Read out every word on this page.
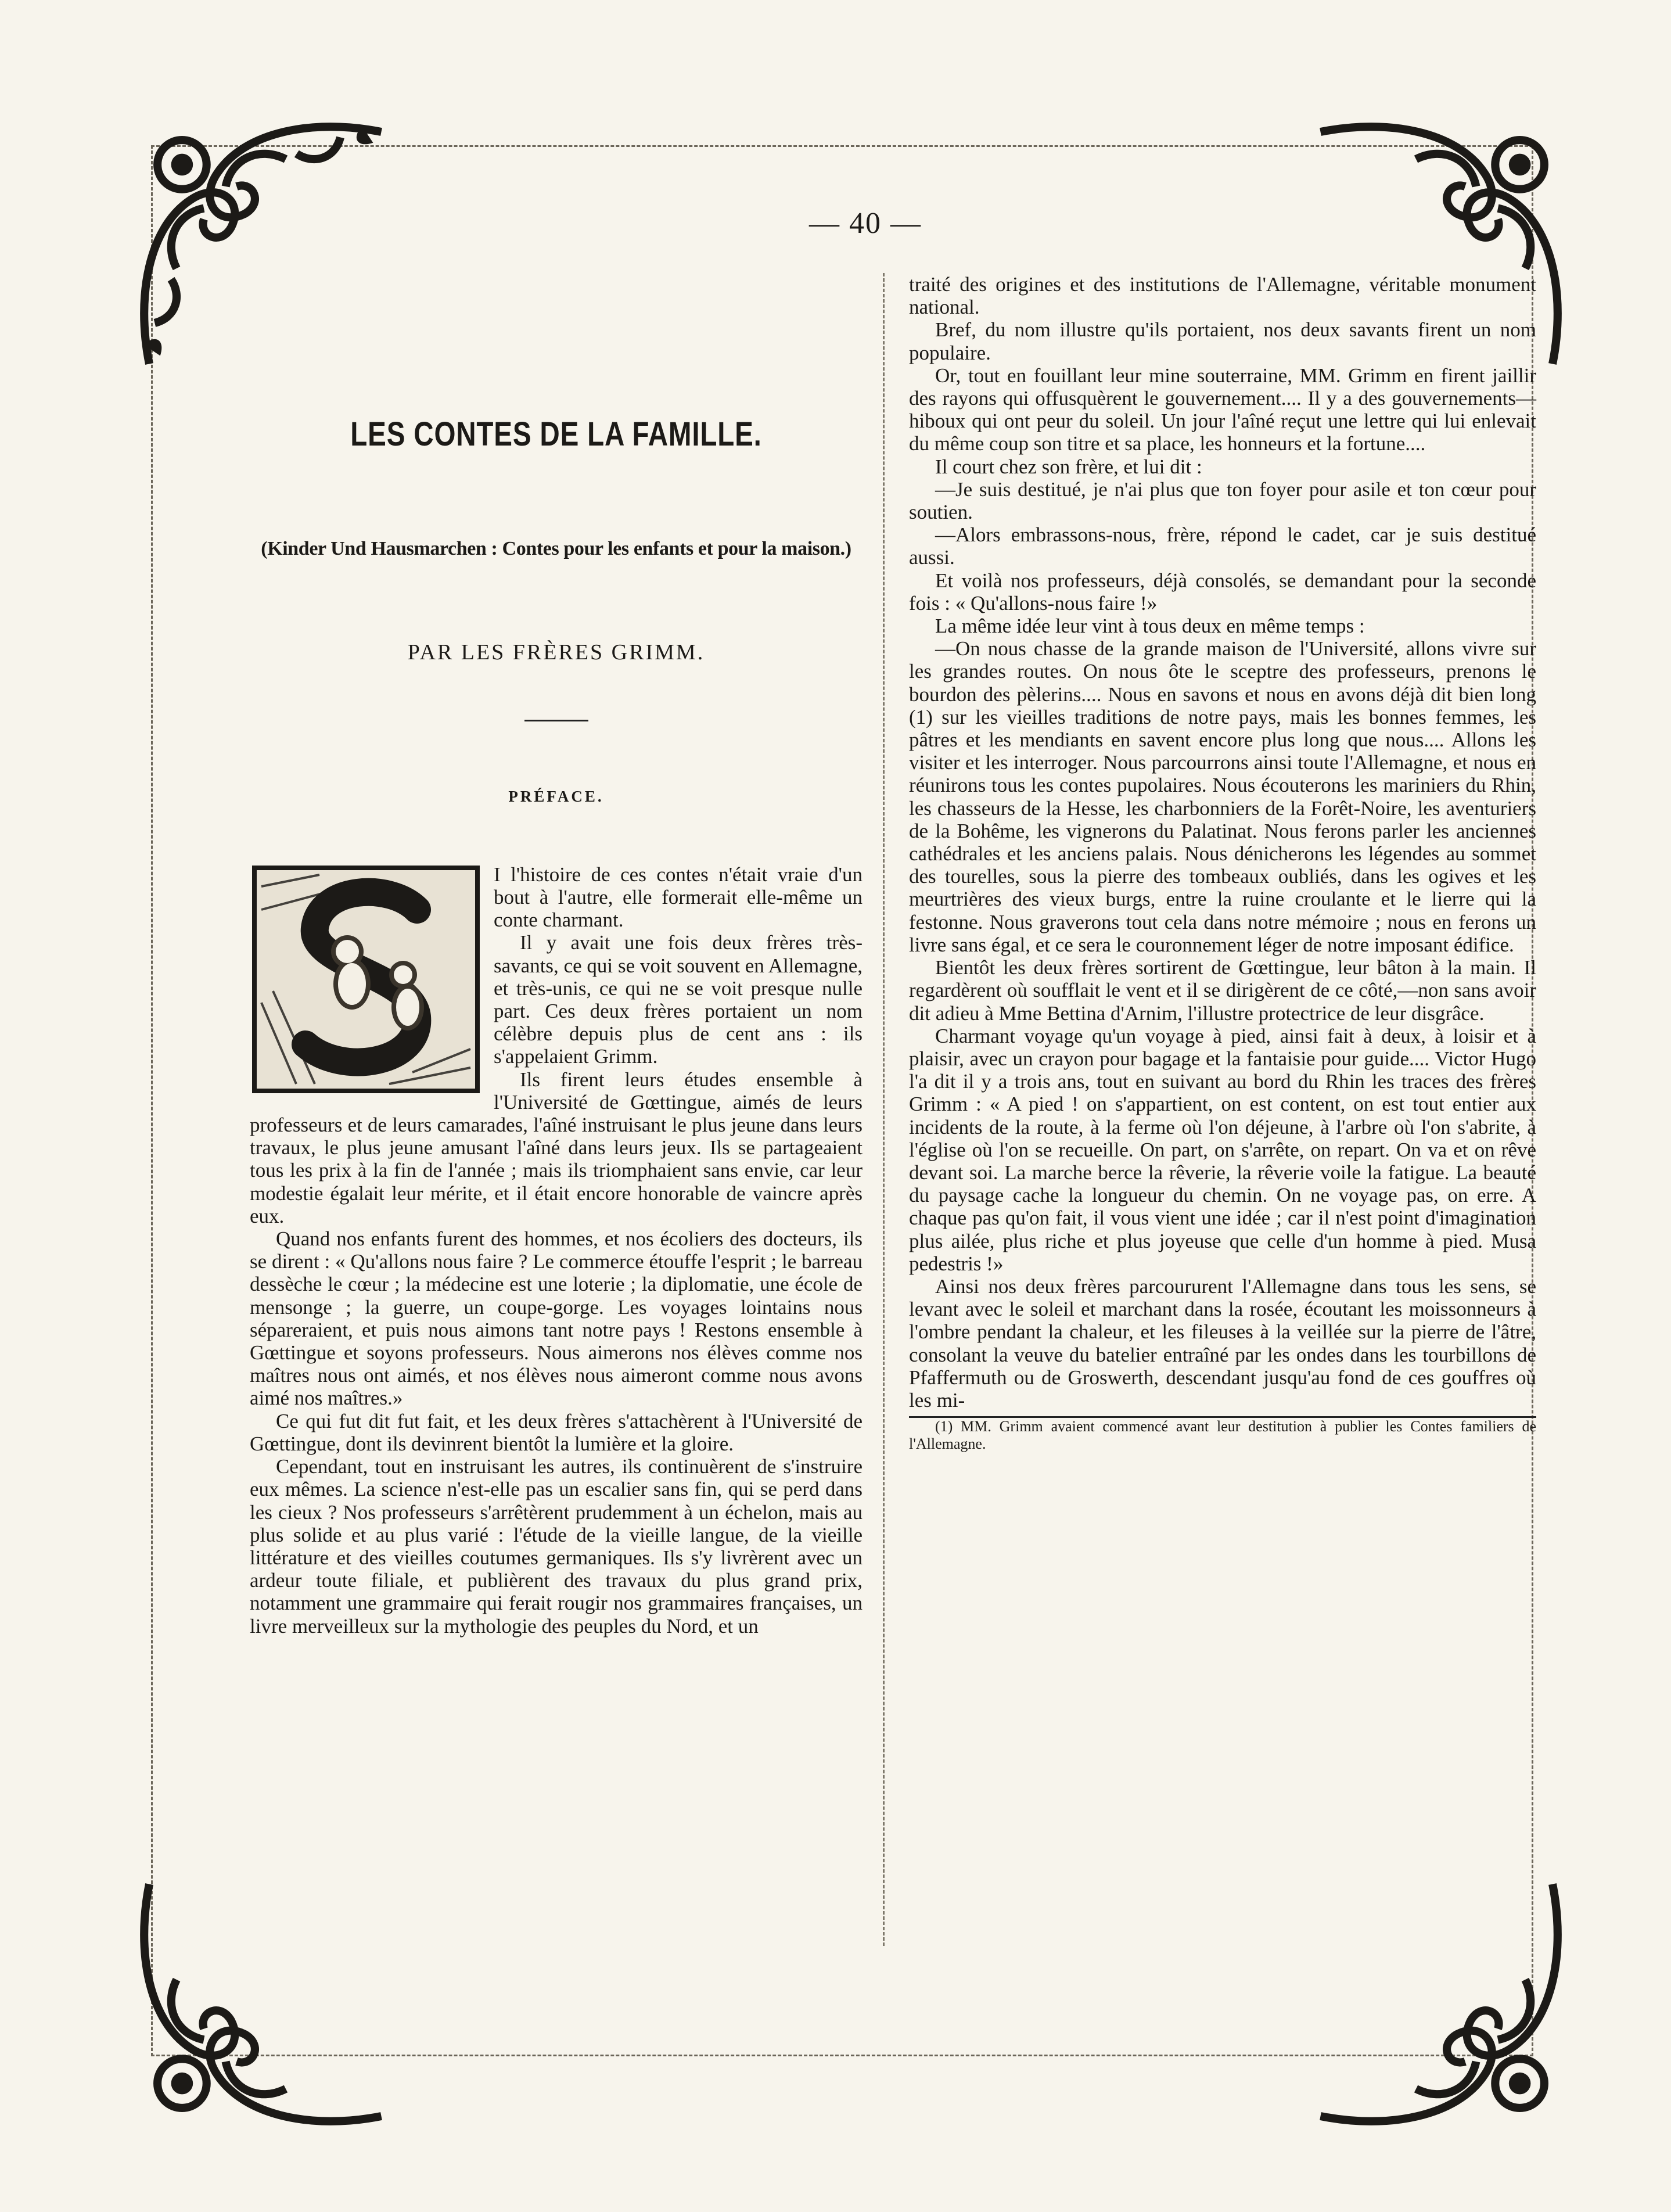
— 40 —
LES CONTES DE LA FAMILLE.
(Kinder Und Hausmarchen : Contes pour les enfants et pour la maison.)
PAR LES FRÈRES GRIMM.
PRÉFACE.

I l'histoire de ces contes n'était vraie d'un bout à l'autre, elle formerait elle-même un conte charmant.

Il y avait une fois deux frères très-savants, ce qui se voit souvent en Allemagne, et très-unis, ce qui ne se voit presque nulle part. Ces deux frères portaient un nom célèbre depuis plus de cent ans : ils s'appelaient Grimm.

Ils firent leurs études ensemble à l'Université de Gœttingue, aimés de leurs professeurs et de leurs camarades, l'aîné instruisant le plus jeune dans leurs travaux, le plus jeune amusant l'aîné dans leurs jeux. Ils se partageaient tous les prix à la fin de l'année ; mais ils triomphaient sans envie, car leur modestie égalait leur mérite, et il était encore honorable de vaincre après eux.

Quand nos enfants furent des hommes, et nos écoliers des docteurs, ils se dirent : « Qu'allons nous faire ? Le commerce étouffe l'esprit ; le barreau dessèche le cœur ; la médecine est une loterie ; la diplomatie, une école de mensonge ; la guerre, un coupe-gorge. Les voyages lointains nous sépareraient, et puis nous aimons tant notre pays ! Restons ensemble à Gœttingue et soyons professeurs. Nous aimerons nos élèves comme nos maîtres nous ont aimés, et nos élèves nous aimeront comme nous avons aimé nos maîtres.»

Ce qui fut dit fut fait, et les deux frères s'attachèrent à l'Université de Gœttingue, dont ils devinrent bientôt la lumière et la gloire.

Cependant, tout en instruisant les autres, ils continuèrent de s'instruire eux mêmes. La science n'est-elle pas un escalier sans fin, qui se perd dans les cieux ? Nos professeurs s'arrêtèrent prudemment à un échelon, mais au plus solide et au plus varié : l'étude de la vieille langue, de la vieille littérature et des vieilles coutumes germaniques. Ils s'y livrèrent avec un ardeur toute filiale, et publièrent des travaux du plus grand prix, notamment une grammaire qui ferait rougir nos grammaires françaises, un livre merveilleux sur la mythologie des peuples du Nord, et un

traité des origines et des institutions de l'Allemagne, véritable monument national.

Bref, du nom illustre qu'ils portaient, nos deux savants firent un nom populaire.

Or, tout en fouillant leur mine souterraine, MM. Grimm en firent jaillir des rayons qui offusquèrent le gouvernement.... Il y a des gouvernements—hiboux qui ont peur du soleil. Un jour l'aîné reçut une lettre qui lui enlevait du même coup son titre et sa place, les honneurs et la fortune....

Il court chez son frère, et lui dit :

—Je suis destitué, je n'ai plus que ton foyer pour asile et ton cœur pour soutien.

—Alors embrassons-nous, frère, répond le cadet, car je suis destitué aussi.

Et voilà nos professeurs, déjà consolés, se demandant pour la seconde fois : « Qu'allons-nous faire !»

La même idée leur vint à tous deux en même temps :

—On nous chasse de la grande maison de l'Université, allons vivre sur les grandes routes. On nous ôte le sceptre des professeurs, prenons le bourdon des pèlerins.... Nous en savons et nous en avons déjà dit bien long (1) sur les vieilles traditions de notre pays, mais les bonnes femmes, les pâtres et les mendiants en savent encore plus long que nous.... Allons les visiter et les interroger. Nous parcourrons ainsi toute l'Allemagne, et nous en réunirons tous les contes pupolaires. Nous écouterons les mariniers du Rhin, les chasseurs de la Hesse, les charbonniers de la Forêt-Noire, les aventuriers de la Bohême, les vignerons du Palatinat. Nous ferons parler les anciennes cathédrales et les anciens palais. Nous dénicherons les légendes au sommet des tourelles, sous la pierre des tombeaux oubliés, dans les ogives et les meurtrières des vieux burgs, entre la ruine croulante et le lierre qui la festonne. Nous graverons tout cela dans notre mémoire ; nous en ferons un livre sans égal, et ce sera le couronnement léger de notre imposant édifice.

Bientôt les deux frères sortirent de Gœttingue, leur bâton à la main. Il regardèrent où soufflait le vent et il se dirigèrent de ce côté,—non sans avoir dit adieu à Mme Bettina d'Arnim, l'illustre protectrice de leur disgrâce.

Charmant voyage qu'un voyage à pied, ainsi fait à deux, à loisir et à plaisir, avec un crayon pour bagage et la fantaisie pour guide.... Victor Hugo l'a dit il y a trois ans, tout en suivant au bord du Rhin les traces des frères Grimm : « A pied ! on s'appartient, on est content, on est tout entier aux incidents de la route, à la ferme où l'on déjeune, à l'arbre où l'on s'abrite, à l'église où l'on se recueille. On part, on s'arrête, on repart. On va et on rêve devant soi. La marche berce la rêverie, la rêverie voile la fatigue. La beauté du paysage cache la longueur du chemin. On ne voyage pas, on erre. A chaque pas qu'on fait, il vous vient une idée ; car il n'est point d'imagination plus ailée, plus riche et plus joyeuse que celle d'un homme à pied. Musa pedestris !»

Ainsi nos deux frères parcoururent l'Allemagne dans tous les sens, se levant avec le soleil et marchant dans la rosée, écoutant les moissonneurs à l'ombre pendant la chaleur, et les fileuses à la veillée sur la pierre de l'âtre, consolant la veuve du batelier entraîné par les ondes dans les tourbillons de Pfaffermuth ou de Groswerth, descendant jusqu'au fond de ces gouffres où les mi-

(1) MM. Grimm avaient commencé avant leur destitution à publier les Contes familiers de l'Allemagne.
